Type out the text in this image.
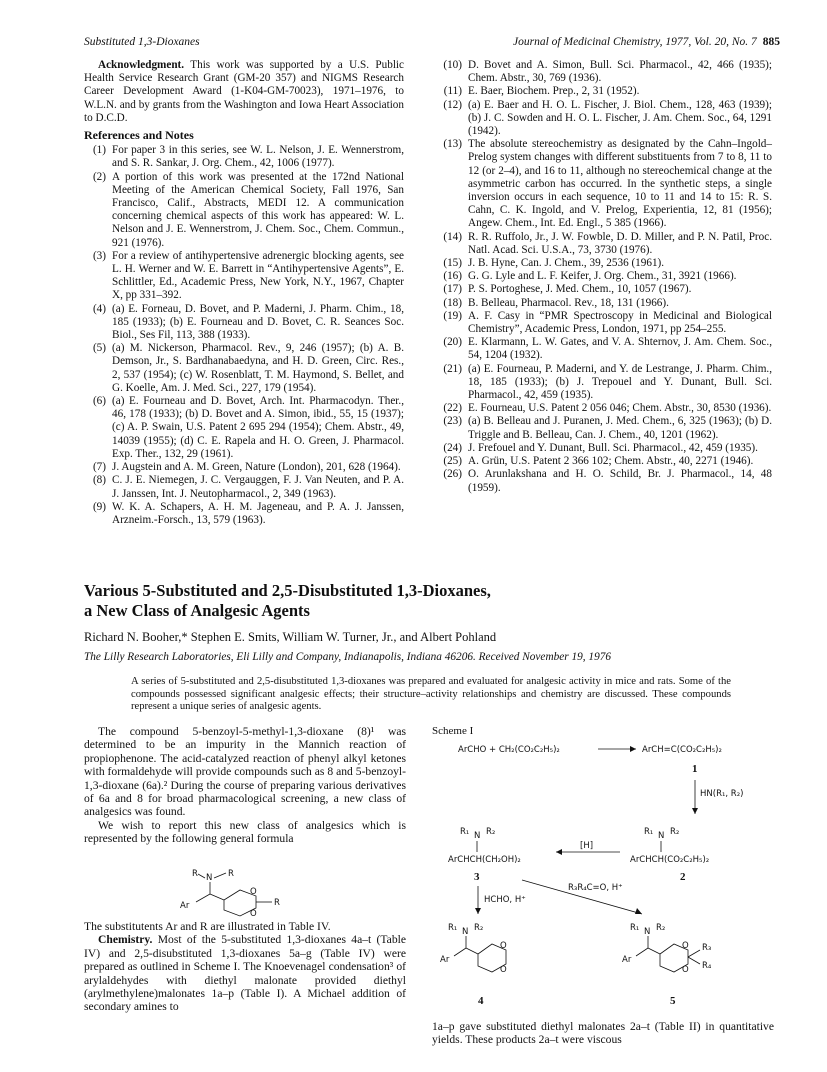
Substituted 1,3-Dioxanes	Journal of Medicinal Chemistry, 1977, Vol. 20, No. 7 885

Acknowledgment. This work was supported by a U.S. Public Health Service Research Grant (GM-20 357) and NIGMS Research Career Development Award (1-K04-GM-70023), 1971–1976, to W.L.N. and by grants from the Washington and Iowa Heart Association to D.C.D.

References and Notes
(1) For paper 3 in this series, see W. L. Nelson, J. E. Wennerstrom, and S. R. Sankar, J. Org. Chem., 42, 1006 (1977).
(2) A portion of this work was presented at the 172nd National Meeting of the American Chemical Society, Fall 1976, San Francisco, Calif., Abstracts, MEDI 12. A communication concerning chemical aspects of this work has appeared: W. L. Nelson and J. E. Wennerstrom, J. Chem. Soc., Chem. Commun., 921 (1976).
(3) For a review of antihypertensive adrenergic blocking agents, see L. H. Werner and W. E. Barrett in “Antihypertensive Agents”, E. Schlittler, Ed., Academic Press, New York, N.Y., 1967, Chapter X, pp 331–392.
(4) (a) E. Forneau, D. Bovet, and P. Maderni, J. Pharm. Chim., 18, 185 (1933); (b) E. Fourneau and D. Bovet, C. R. Seances Soc. Biol., Ses Fil, 113, 388 (1933).
(5) (a) M. Nickerson, Pharmacol. Rev., 9, 246 (1957); (b) A. B. Demson, Jr., S. Bardhanabaedyna, and H. D. Green, Circ. Res., 2, 537 (1954); (c) W. Rosenblatt, T. M. Haymond, S. Bellet, and G. Koelle, Am. J. Med. Sci., 227, 179 (1954).
(6) (a) E. Fourneau and D. Bovet, Arch. Int. Pharmacodyn. Ther., 46, 178 (1933); (b) D. Bovet and A. Simon, ibid., 55, 15 (1937); (c) A. P. Swain, U.S. Patent 2 695 294 (1954); Chem. Abstr., 49, 14039 (1955); (d) C. E. Rapela and H. O. Green, J. Pharmacol. Exp. Ther., 132, 29 (1961).
(7) J. Augstein and A. M. Green, Nature (London), 201, 628 (1964).
(8) C. J. E. Niemegen, J. C. Vergauggen, F. J. Van Neuten, and P. A. J. Janssen, Int. J. Neutopharmacol., 2, 349 (1963).
(9) W. K. A. Schapers, A. H. M. Jageneau, and P. A. J. Janssen, Arzneim.-Forsch., 13, 579 (1963).
(10) D. Bovet and A. Simon, Bull. Sci. Pharmacol., 42, 466 (1935); Chem. Abstr., 30, 769 (1936).
(11) E. Baer, Biochem. Prep., 2, 31 (1952).
(12) (a) E. Baer and H. O. L. Fischer, J. Biol. Chem., 128, 463 (1939); (b) J. C. Sowden and H. O. L. Fischer, J. Am. Chem. Soc., 64, 1291 (1942).
(13) The absolute stereochemistry as designated by the Cahn–Ingold–Prelog system changes with different substituents from 7 to 8, 11 to 12 (or 2–4), and 16 to 11, although no stereochemical change at the asymmetric carbon has occurred. In the synthetic steps, a single inversion occurs in each sequence, 10 to 11 and 14 to 15: R. S. Cahn, C. K. Ingold, and V. Prelog, Experientia, 12, 81 (1956); Angew. Chem., Int. Ed. Engl., 5 385 (1966).
(14) R. R. Ruffolo, Jr., J. W. Fowble, D. D. Miller, and P. N. Patil, Proc. Natl. Acad. Sci. U.S.A., 73, 3730 (1976).
(15) J. B. Hyne, Can. J. Chem., 39, 2536 (1961).
(16) G. G. Lyle and L. F. Keifer, J. Org. Chem., 31, 3921 (1966).
(17) P. S. Portoghese, J. Med. Chem., 10, 1057 (1967).
(18) B. Belleau, Pharmacol. Rev., 18, 131 (1966).
(19) A. F. Casy in “PMR Spectroscopy in Medicinal and Biological Chemistry”, Academic Press, London, 1971, pp 254–255.
(20) E. Klarmann, L. W. Gates, and V. A. Shternov, J. Am. Chem. Soc., 54, 1204 (1932).
(21) (a) E. Fourneau, P. Maderni, and Y. de Lestrange, J. Pharm. Chim., 18, 185 (1933); (b) J. Trepouel and Y. Dunant, Bull. Sci. Pharmacol., 42, 459 (1935).
(22) E. Fourneau, U.S. Patent 2 056 046; Chem. Abstr., 30, 8530 (1936).
(23) (a) B. Belleau and J. Puranen, J. Med. Chem., 6, 325 (1963); (b) D. Triggle and B. Belleau, Can. J. Chem., 40, 1201 (1962).
(24) J. Frefouel and Y. Dunant, Bull. Sci. Pharmacol., 42, 459 (1935).
(25) A. Grün, U.S. Patent 2 366 102; Chem. Abstr., 40, 2271 (1946).
(26) O. Arunlakshana and H. O. Schild, Br. J. Pharmacol., 14, 48 (1959).
Various 5-Substituted and 2,5-Disubstituted 1,3-Dioxanes,
a New Class of Analgesic Agents

Richard N. Booher,* Stephen E. Smits, William W. Turner, Jr., and Albert Pohland

The Lilly Research Laboratories, Eli Lilly and Company, Indianapolis, Indiana 46206. Received November 19, 1976

A series of 5-substituted and 2,5-disubstituted 1,3-dioxanes was prepared and evaluated for analgesic activity in mice and rats. Some of the compounds possessed significant analgesic effects; their structure–activity relationships and chemistry are discussed. These compounds represent a unique series of analgesic agents.

The compound 5-benzoyl-5-methyl-1,3-dioxane (8)¹ was determined to be an impurity in the Mannich reaction of propiophenone. The acid-catalyzed reaction of phenyl alkyl ketones with formaldehyde will provide compounds such as 8 and 5-benzoyl-1,3-dioxane (6a).² During the course of preparing various derivatives of 6a and 8 for broad pharmacological screening, a new class of analgesics was found.

We wish to report this new class of analgesics which is represented by the following general formula

R N R
Ar
O
O
R

The substitutents Ar and R are illustrated in Table IV.

Chemistry. Most of the 5-substituted 1,3-dioxanes 4a–t (Table IV) and 2,5-disubstituted 1,3-dioxanes 5a–g (Table IV) were prepared as outlined in Scheme I. The Knoevenagel condensation³ of arylaldehydes with diethyl malonate provided diethyl (arylmethylene)malonates 1a–p (Table I). A Michael addition of secondary amines to

Scheme I
ArCHO + CH₂(CO₂C₂H₅)₂	ArCH=C(CO₂C₂H₅)₂
1
HN(R₁, R₂)
R₁ N R₂
ArCHCH(CH₂OH)₂
3
[H]
R₁ N R₂
ArCHCH(CO₂C₂H₅)₂
2
HCHO, H⁺
R₃R₄C=O, H⁺
R₁ N R₂
Ar
O
O
4
R₁ N R₂
Ar
O
O
R₃
R₄
5

1a–p gave substituted diethyl malonates 2a–t (Table II) in quantitative yields. These products 2a–t were viscous
